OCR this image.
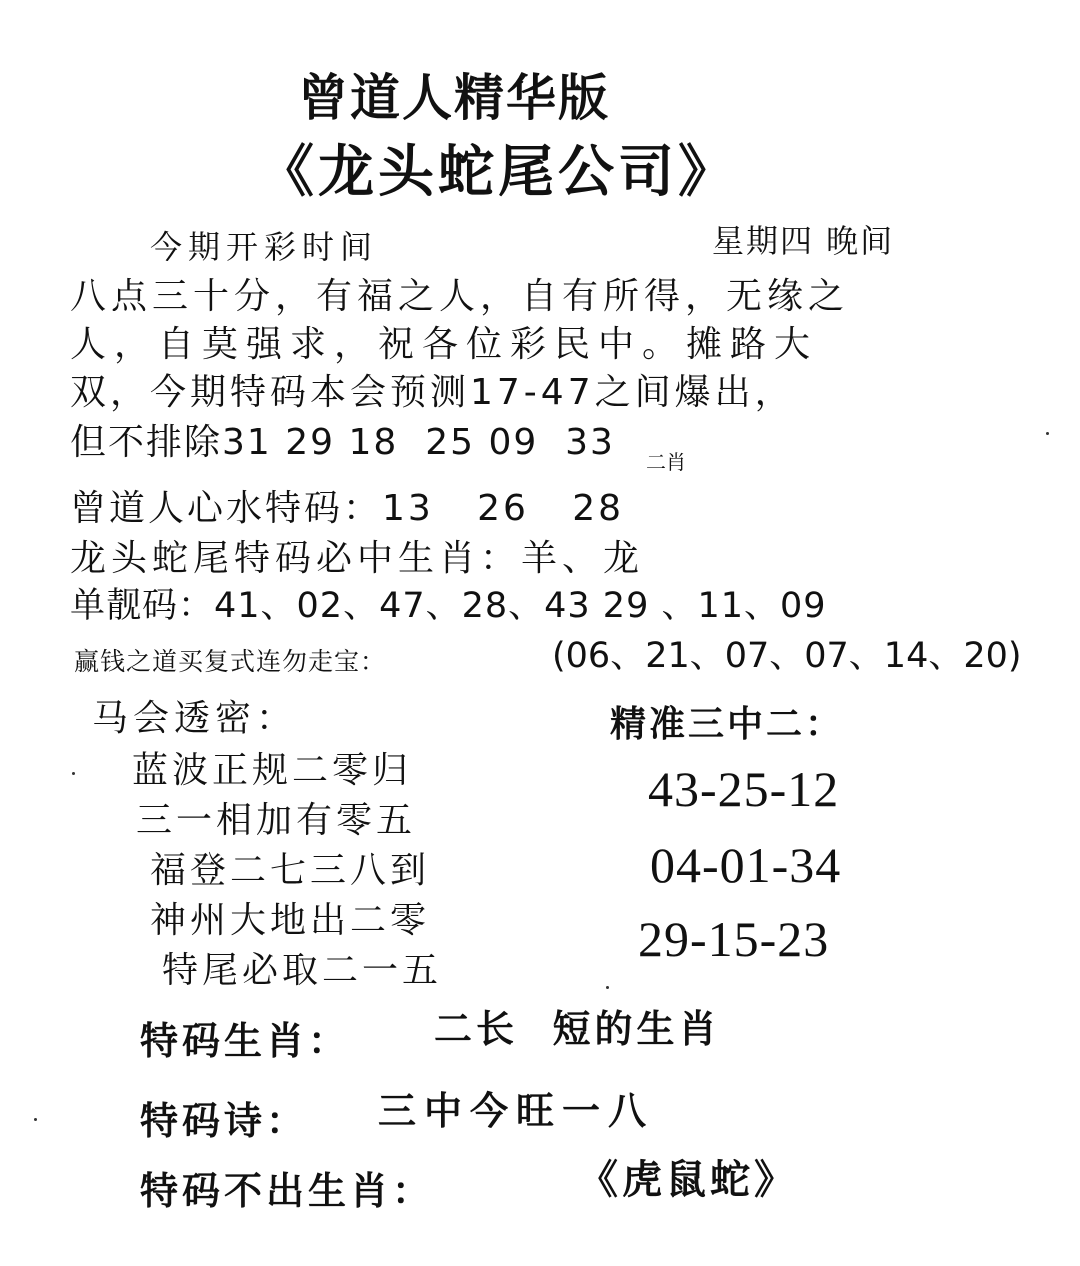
曾道人精华版
《龙头蛇尾公司》
今期开彩时间	星期四 晚间
八点三十分，有福之人，自有所得，无缘之
人，自莫强求，祝各位彩民中。摊路大
双，今期特码本会预测17-47之间爆出，
但不排除31 29 18  25 09  33 二肖
曾道人心水特码：13   26   28
龙头蛇尾特码必中生肖：羊、龙
单靓码：41、02、47、28、43 29 、11、09
赢钱之道买复式连勿走宝：	(06、21、07、07、14、20)
马会透密：
蓝波正规二零归
三一相加有零五
福登二七三八到
神州大地出二零
特尾必取二一五
精准三中二：
43-25-12
04-01-34
29-15-23
特码生肖： 二长  短的生肖
特码诗： 三中今旺一八
特码不出生肖：	《虎鼠蛇》
